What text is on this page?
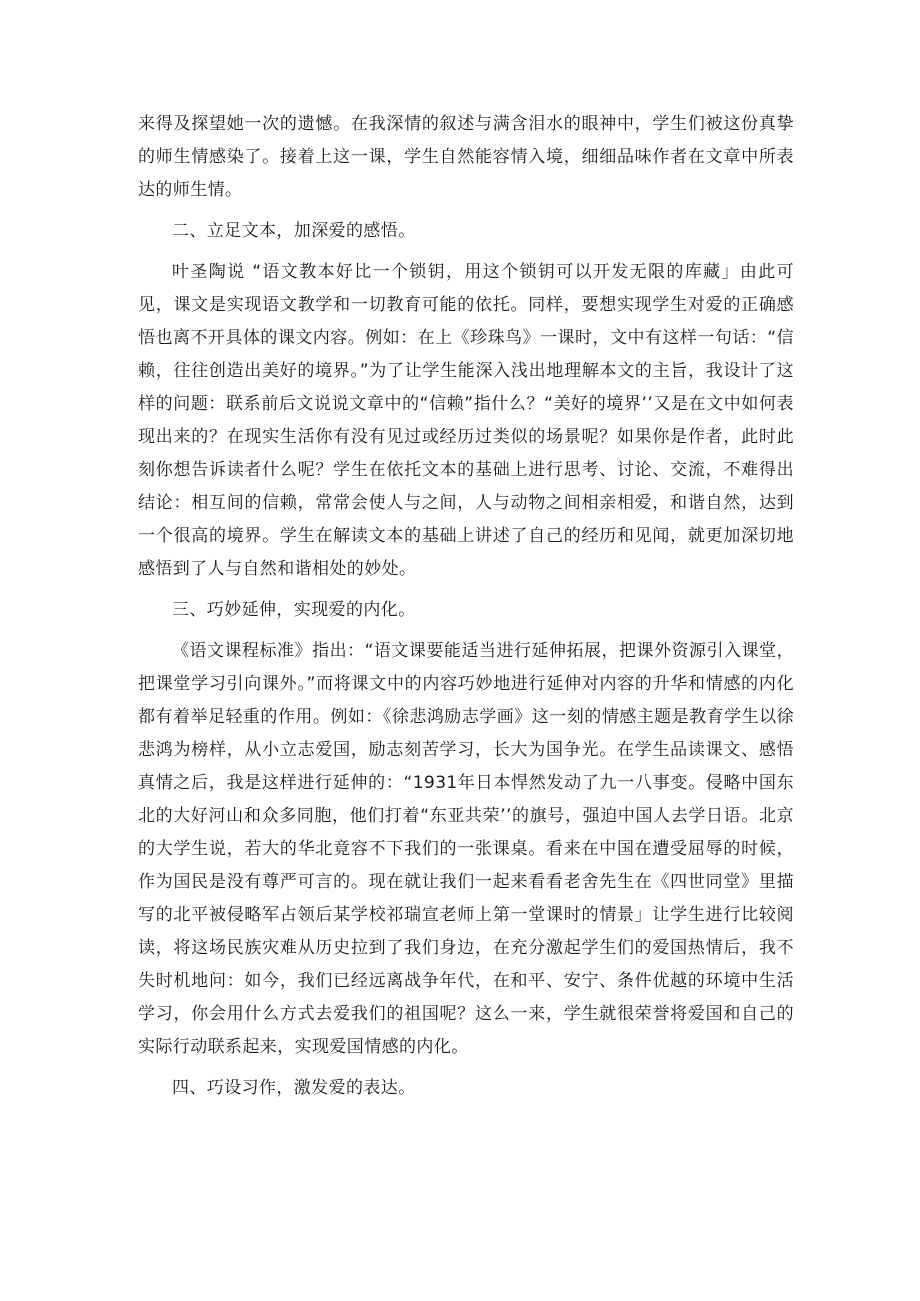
来得及探望她一次的遗憾。在我深情的叙述与满含泪水的眼神中，学生们被这份真挚的师生情感染了。接着上这一课，学生自然能容情入境，细细品味作者在文章中所表达的师生情。

二、立足文本，加深爱的感悟。

叶圣陶说 “语文教本好比一个锁钥，用这个锁钥可以开发无限的库藏」由此可见，课文是实现语文教学和一切教育可能的依托。同样，要想实现学生对爱的正确感悟也离不开具体的课文内容。例如：在上《珍珠鸟》一课时，文中有这样一句话：“信赖，往往创造出美好的境界。”为了让学生能深入浅出地理解本文的主旨，我设计了这样的问题：联系前后文说说文章中的“信赖”指什么？“美好的境界’’又是在文中如何表现出来的？在现实生活你有没有见过或经历过类似的场景呢？如果你是作者，此时此刻你想告诉读者什么呢？学生在依托文本的基础上进行思考、讨论、交流，不难得出结论：相互间的信赖，常常会使人与之间，人与动物之间相亲相爱，和谐自然，达到一个很高的境界。学生在解读文本的基础上讲述了自己的经历和见闻，就更加深切地感悟到了人与自然和谐相处的妙处。

三、巧妙延伸，实现爱的内化。

《语文课程标准》指出：“语文课要能适当进行延伸拓展，把课外资源引入课堂，把课堂学习引向课外。”而将课文中的内容巧妙地进行延伸对内容的升华和情感的内化都有着举足轻重的作用。例如：《徐悲鸿励志学画》这一刻的情感主题是教育学生以徐悲鸿为榜样，从小立志爱国，励志刻苦学习，长大为国争光。在学生品读课文、感悟真情之后，我是这样进行延伸的：“1931年日本悍然发动了九一八事变。侵略中国东北的大好河山和众多同胞，他们打着“东亚共荣’’的旗号，强迫中国人去学日语。北京的大学生说，若大的华北竟容不下我们的一张课桌。看来在中国在遭受屈辱的时候，作为国民是没有尊严可言的。现在就让我们一起来看看老舍先生在《四世同堂》里描写的北平被侵略军占领后某学校祁瑞宣老师上第一堂课时的情景」让学生进行比较阅读，将这场民族灾难从历史拉到了我们身边，在充分激起学生们的爱国热情后，我不失时机地问：如今，我们已经远离战争年代，在和平、安宁、条件优越的环境中生活学习，你会用什么方式去爱我们的祖国呢？这么一来，学生就很荣誉将爱国和自己的实际行动联系起来，实现爱国情感的内化。

四、巧设习作，激发爱的表达。
